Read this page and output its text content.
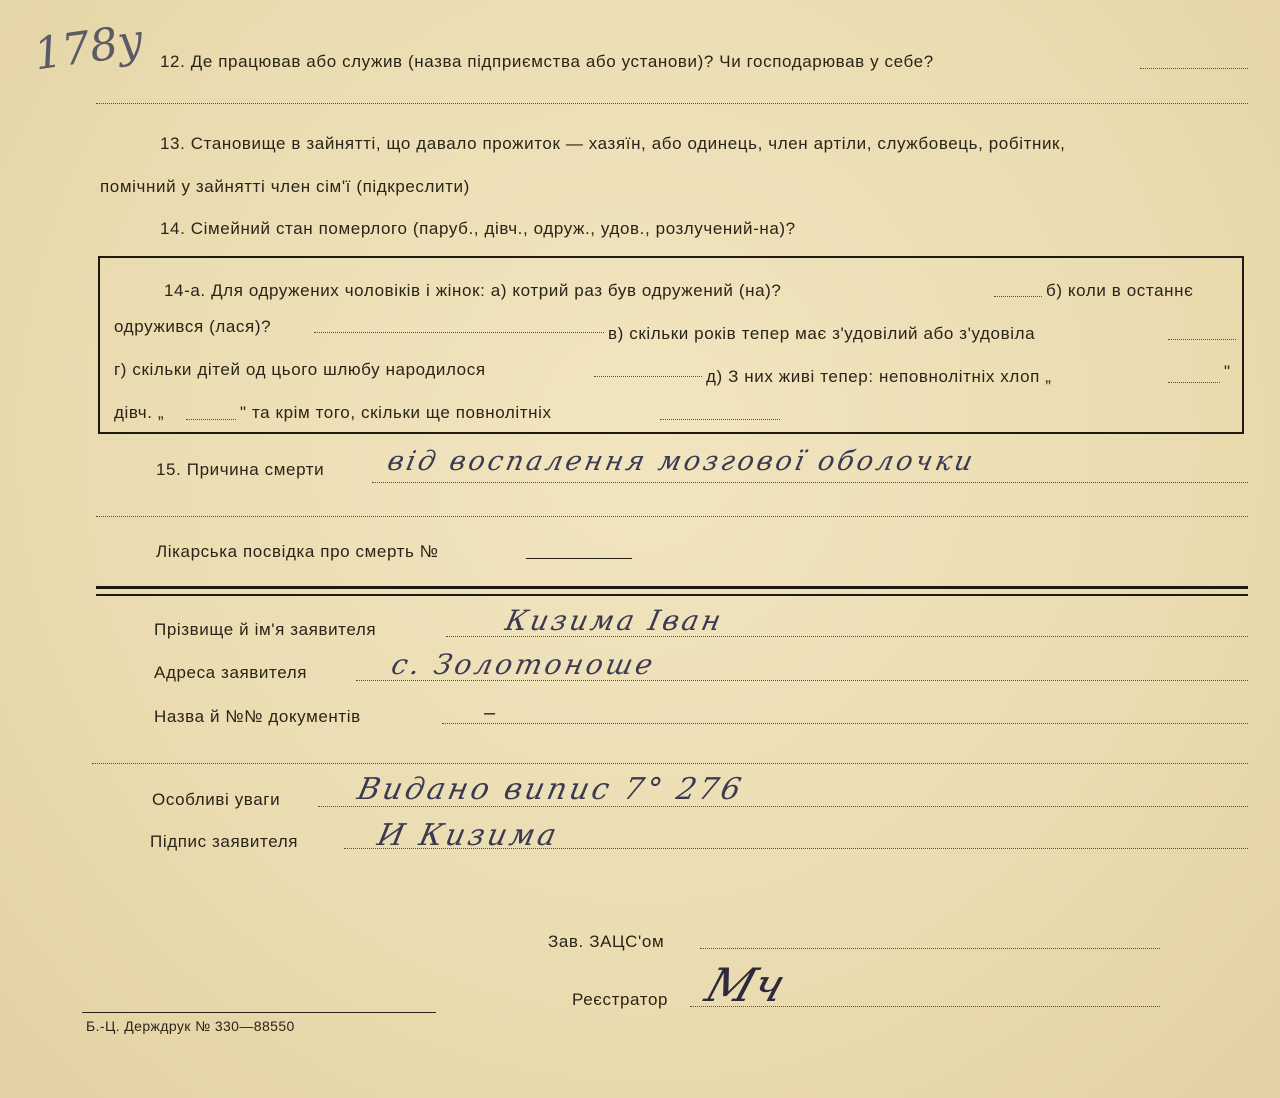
178у 12. Де працював або служив (назва підприємства або установи)? Чи господарював у себе?
13. Становище в зайнятті, що давало прожиток — хазяїн, або одинець, член артіли, службовець, робітник,
помічний у зайнятті член сім'ї (підкреслити)
14. Сімейний стан померлого (паруб., дівч., одруж., удов., розлучений-на)?
14-а. Для одружених чоловіків і жінок: а) котрий раз був одружений (на)?	б) коли в останнє
одружився (лася)?	в) скільки років тепер має з'удовілий або з'удовіла
г) скільки дітей од цього шлюбу народилося	д) З них живі тепер: неповнолітніх хлоп „	"
дівч. „	" та крім того, скільки ще повнолітніх
15. Причина смерти від воспалення мозгової оболочки
Лікарська посвідка про смерть №
Прізвище й ім'я заявителя	Кизима Іван
Адреса заявителя	с. Золотоноше
Назва й №№ документів	–
Особливі уваги Видано випис 7° 276
Підпис заявителя	И Кизима
Зав. ЗАЦС'ом
Реєстратор Мч
Б.-Ц. Держдрук № 330—88550
